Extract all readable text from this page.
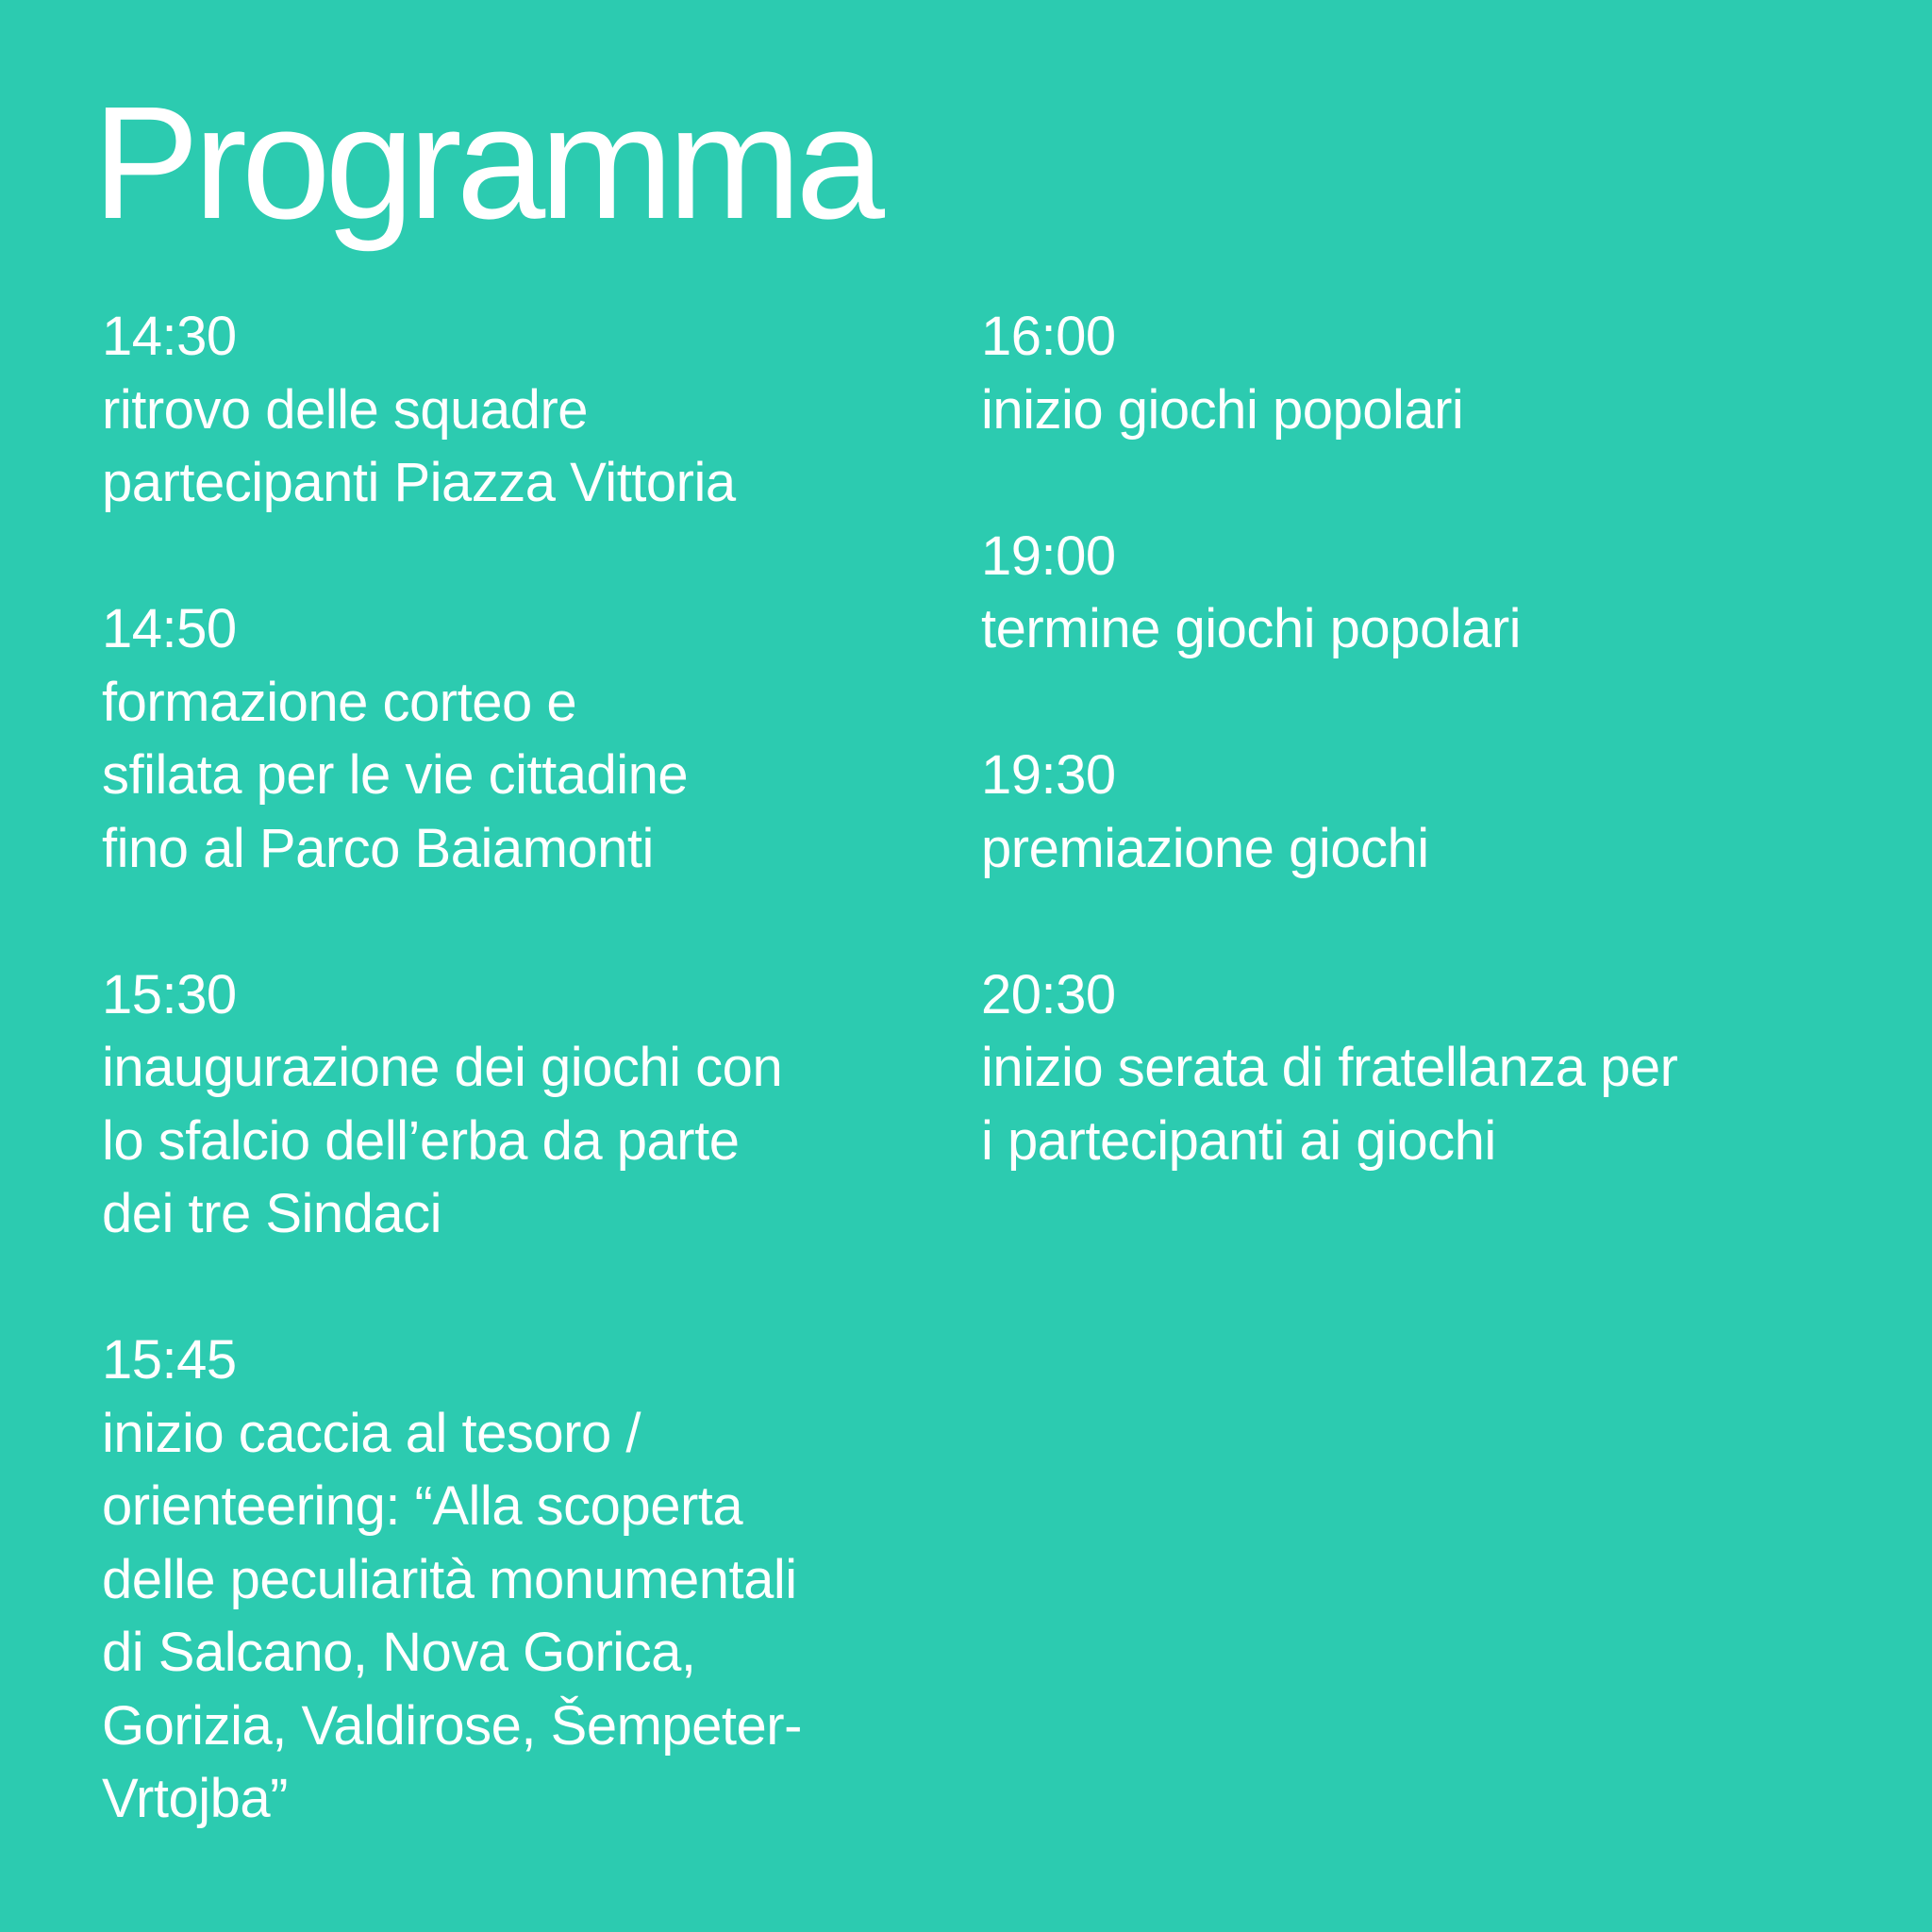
Programma
14:30
ritrovo delle squadre
partecipanti Piazza Vittoria
14:50
formazione corteo e
sfilata per le vie cittadine
fino al Parco Baiamonti
15:30
inaugurazione dei giochi con
lo sfalcio dell’erba da parte
dei tre Sindaci
15:45
inizio caccia al tesoro /
orienteering: “Alla scoperta
delle peculiarità monumentali
di Salcano, Nova Gorica,
Gorizia, Valdirose, Šempeter-
Vrtojba”
16:00
inizio giochi popolari
19:00
termine giochi popolari
19:30
premiazione giochi
20:30
inizio serata di fratellanza per
i partecipanti ai giochi
